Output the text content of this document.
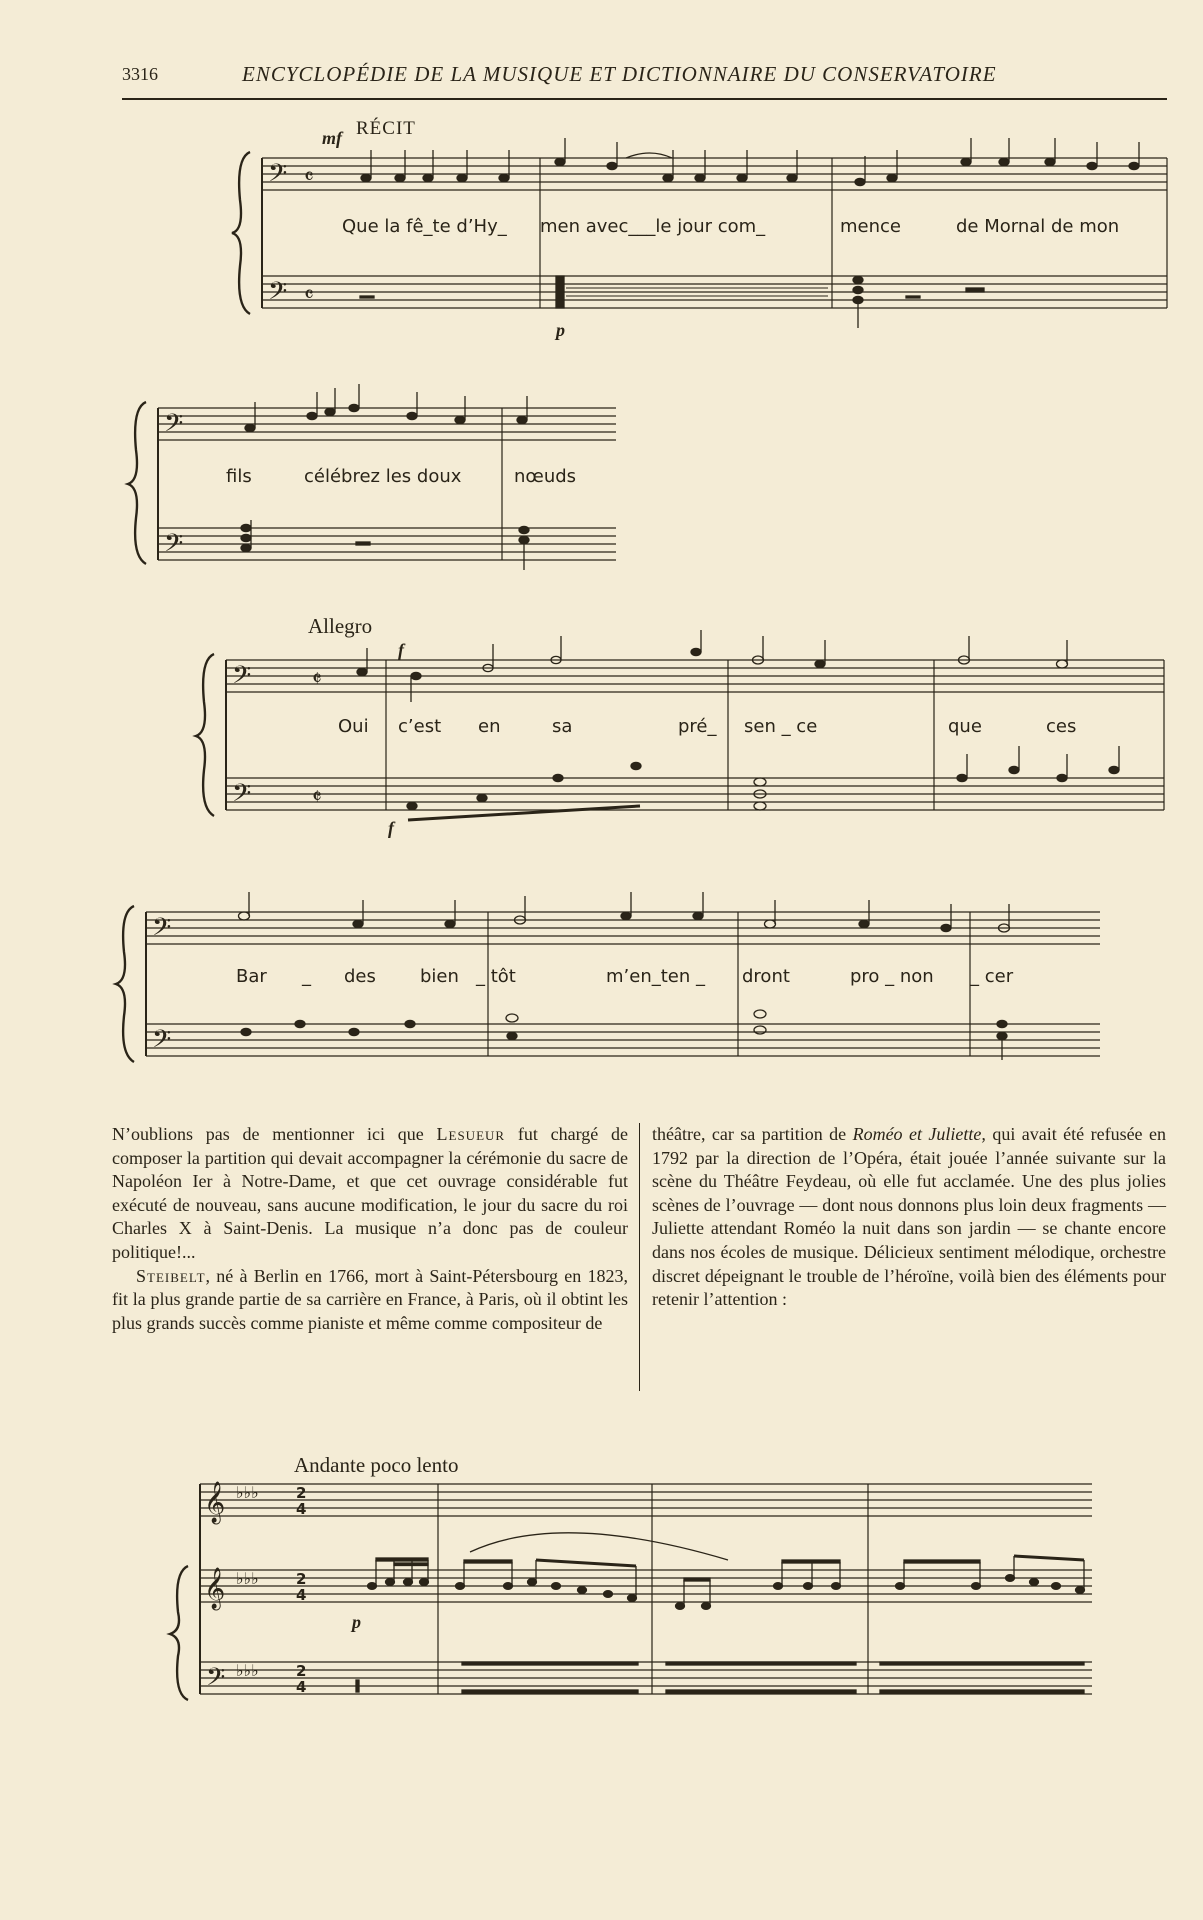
3316	ENCYCLOPÉDIE DE LA MUSIQUE ET DICTIONNAIRE DU CONSERVATOIRE
𝄢
𝄢
𝄴
𝄴
mf RÉCIT
Que la fê_te d’Hy_ men avec___le jour com_	mence	de Mornal de mon
p
𝄢
𝄢
fils	célébrez les doux	nœuds
Allegro
𝄢
𝄢
𝄵
𝄵
f
f
Oui c’est en	sa	pré_ sen _ ce	que	ces
𝄢
𝄢
Bar _ des bien _ tôt	m’en_ten _ dront	pro _ non _ cer

N’oublions pas de mentionner ici que Lesueur fut chargé de composer la partition qui devait accompagner la cérémonie du sacre de Napoléon Ier à Notre-Dame, et que cet ouvrage considérable fut exécuté de nouveau, sans aucune modification, le jour du sacre du roi Charles X à Saint-Denis. La musique n’a donc pas de couleur politique!...

Steibelt, né à Berlin en 1766, mort à Saint-Pétersbourg en 1823, fit la plus grande partie de sa carrière en France, à Paris, où il obtint les plus grands succès comme pianiste et même comme compositeur de

théâtre, car sa partition de Roméo et Juliette, qui avait été refusée en 1792 par la direction de l’Opéra, était jouée l’année suivante sur la scène du Théâtre Feydeau, où elle fut acclamée. Une des plus jolies scènes de l’ouvrage — dont nous donnons plus loin deux fragments — Juliette attendant Roméo la nuit dans son jardin — se chante encore dans nos écoles de musique. Délicieux sentiment mélodique, orchestre discret dépeignant le trouble de l’héroïne, voilà bien des éléments pour retenir l’attention :

Andante poco lento
𝄞
𝄞
𝄢
♭♭♭
♭♭♭
♭♭♭
2
4
2
4
2
4
p
